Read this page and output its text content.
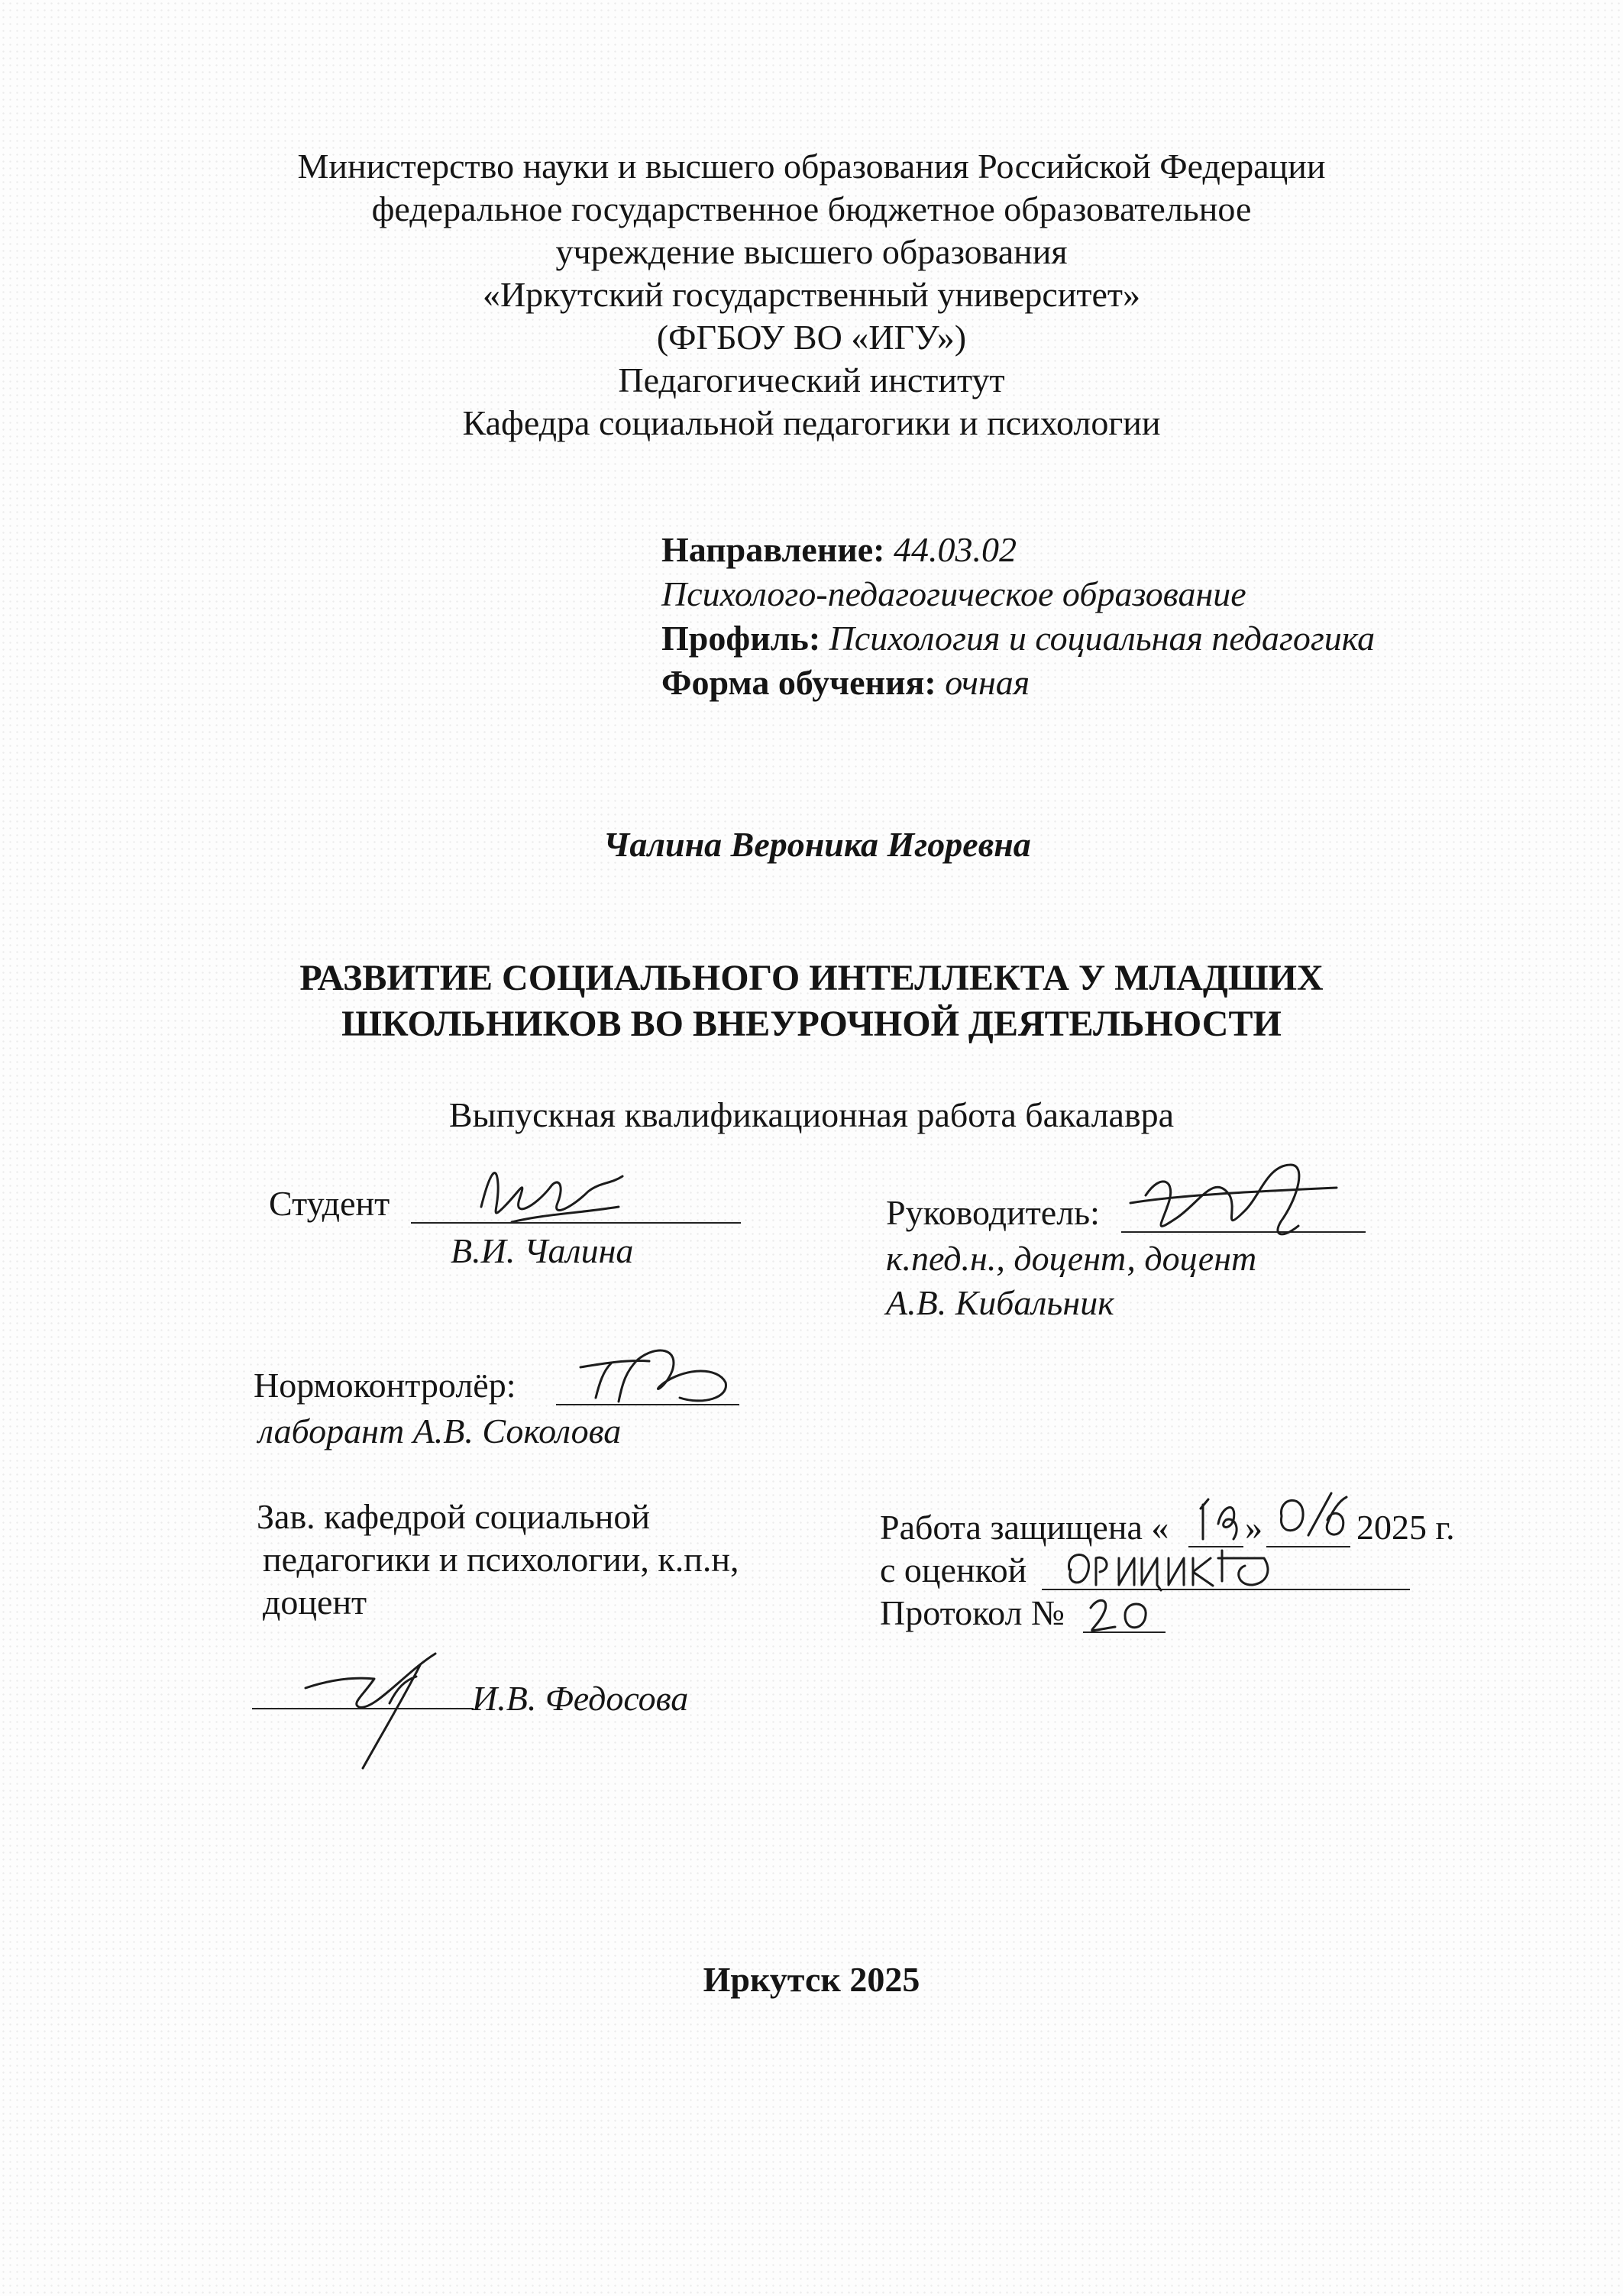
Министерство науки и высшего образования Российской Федерации
федеральное государственное бюджетное образовательное
учреждение высшего образования
«Иркутский государственный университет»
(ФГБОУ ВО «ИГУ»)
Педагогический институт
Кафедра социальной педагогики и психологии
Направление: 44.03.02
Психолого-педагогическое образование
Профиль: Психология и социальная педагогика
Форма обучения: очная
Чалина Вероника Игоревна
РАЗВИТИЕ СОЦИАЛЬНОГО ИНТЕЛЛЕКТА У МЛАДШИХ
ШКОЛЬНИКОВ ВО ВНЕУРОЧНОЙ ДЕЯТЕЛЬНОСТИ
Выпускная квалификационная работа бакалавра
Студент
В.И. Чалина
Руководитель:
к.пед.н., доцент, доцент
А.В. Кибальник
Нормоконтролёр:
лаборант А.В. Соколова
Зав. кафедрой социальной
педагогики и психологии, к.п.н,
доцент
И.В. Федосова
Работа защищена « »	2025 г.
с оценкой
Протокол №
Иркутск 2025
